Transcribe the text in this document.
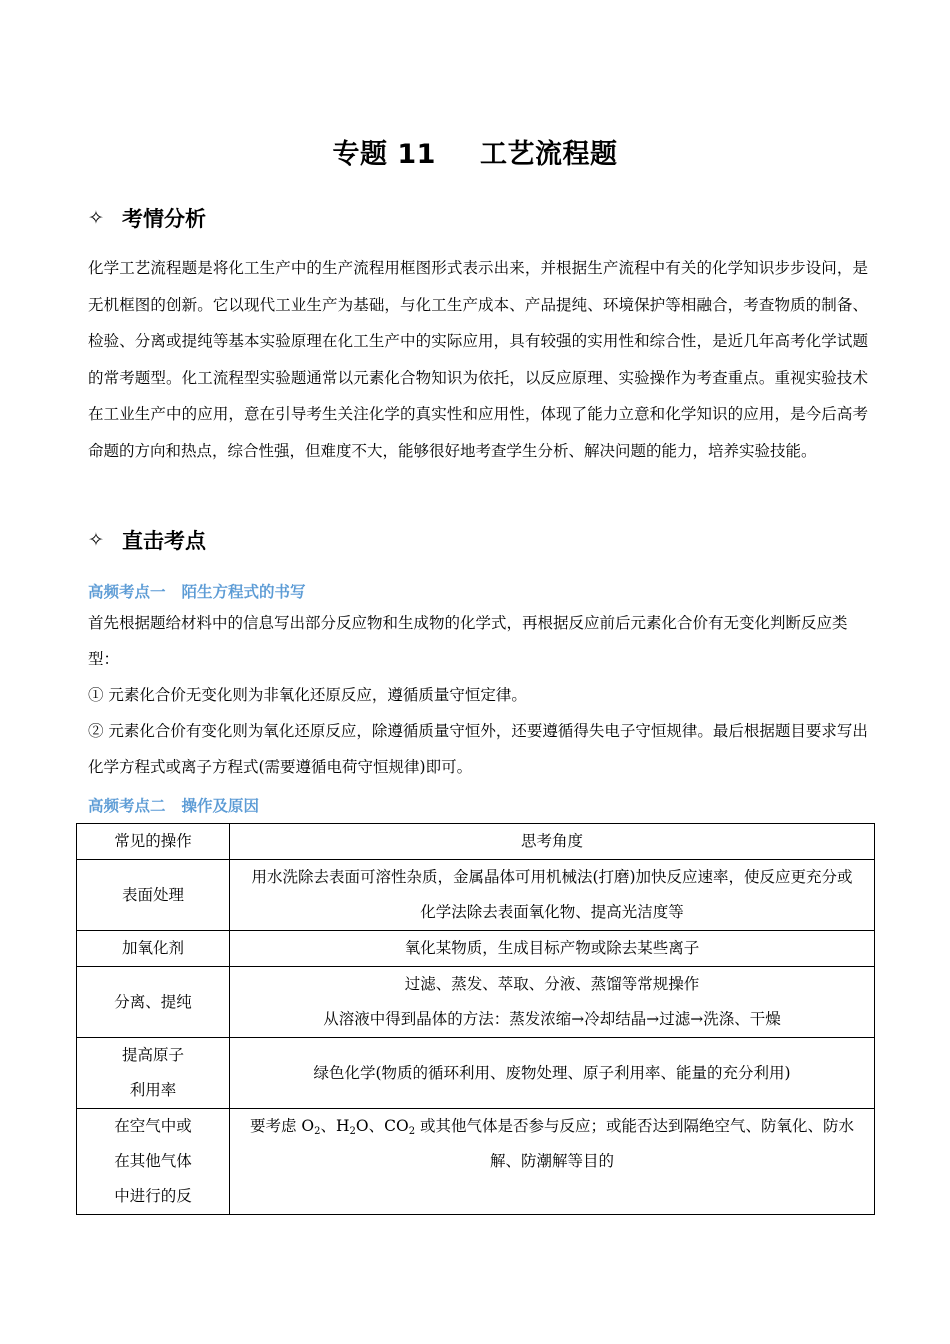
专题 11 工艺流程题
✧ 考情分析
化学工艺流程题是将化工生产中的生产流程用框图形式表示出来，并根据生产流程中有关的化学知识步步设问，是无机框图的创新。它以现代工业生产为基础，与化工生产成本、产品提纯、环境保护等相融合，考查物质的制备、检验、分离或提纯等基本实验原理在化工生产中的实际应用，具有较强的实用性和综合性，是近几年高考化学试题的常考题型。化工流程型实验题通常以元素化合物知识为依托，以反应原理、实验操作为考查重点。重视实验技术在工业生产中的应用，意在引导考生关注化学的真实性和应用性，体现了能力立意和化学知识的应用，是今后高考命题的方向和热点，综合性强，但难度不大，能够很好地考查学生分析、解决问题的能力，培养实验技能。
✧ 直击考点
高频考点一 陌生方程式的书写
首先根据题给材料中的信息写出部分反应物和生成物的化学式，再根据反应前后元素化合价有无变化判断反应类型：
① 元素化合价无变化则为非氧化还原反应，遵循质量守恒定律。
② 元素化合价有变化则为氧化还原反应，除遵循质量守恒外，还要遵循得失电子守恒规律。最后根据题目要求写出化学方程式或离子方程式(需要遵循电荷守恒规律)即可。
高频考点二 操作及原因
常见的操作	思考角度
表面处理	用水洗除去表面可溶性杂质，金属晶体可用机械法(打磨)加快反应速率，使反应更充分或化学法除去表面氧化物、提高光洁度等
加氧化剂	氧化某物质，生成目标产物或除去某些离子
分离、提纯	过滤、蒸发、萃取、分液、蒸馏等常规操作
从溶液中得到晶体的方法：蒸发浓缩→冷却结晶→过滤→洗涤、干燥

提高原子
利用率	绿色化学(物质的循环利用、废物处理、原子利用率、能量的充分利用)

在空气中或
在其他气体
中进行的反	要考虑 $O_2$、$H_2O$、$CO_2$ 或其他气体是否参与反应；或能否达到隔绝空气、防氧化、防水解、防潮解等目的
